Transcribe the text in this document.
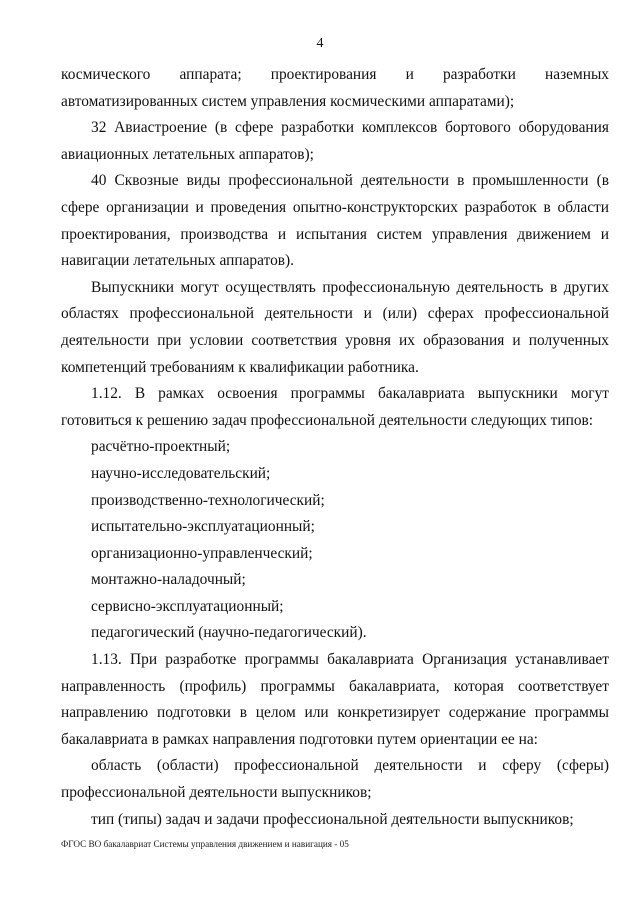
4

космического аппарата; проектирования и разработки наземных автоматизированных систем управления космическими аппаратами);

32 Авиастроение (в сфере разработки комплексов бортового оборудования авиационных летательных аппаратов);

40 Сквозные виды профессиональной деятельности в промышленности (в сфере организации и проведения опытно-конструкторских разработок в области проектирования, производства и испытания систем управления движением и навигации летательных аппаратов).

Выпускники могут осуществлять профессиональную деятельность в других областях профессиональной деятельности и (или) сферах профессиональной деятельности при условии соответствия уровня их образования и полученных компетенций требованиям к квалификации работника.

1.12. В рамках освоения программы бакалавриата выпускники могут готовиться к решению задач профессиональной деятельности следующих типов:

расчётно-проектный;

научно-исследовательский;

производственно-технологический;

испытательно-эксплуатационный;

организационно-управленческий;

монтажно-наладочный;

сервисно-эксплуатационный;

педагогический (научно-педагогический).

1.13. При разработке программы бакалавриата Организация устанавливает направленность (профиль) программы бакалавриата, которая соответствует направлению подготовки в целом или конкретизирует содержание программы бакалавриата в рамках направления подготовки путем ориентации ее на:

область (области) профессиональной деятельности и сферу (сферы) профессиональной деятельности выпускников;

тип (типы) задач и задачи профессиональной деятельности выпускников;

ФГОС ВО бакалавриат Системы управления движением и навигация - 05
